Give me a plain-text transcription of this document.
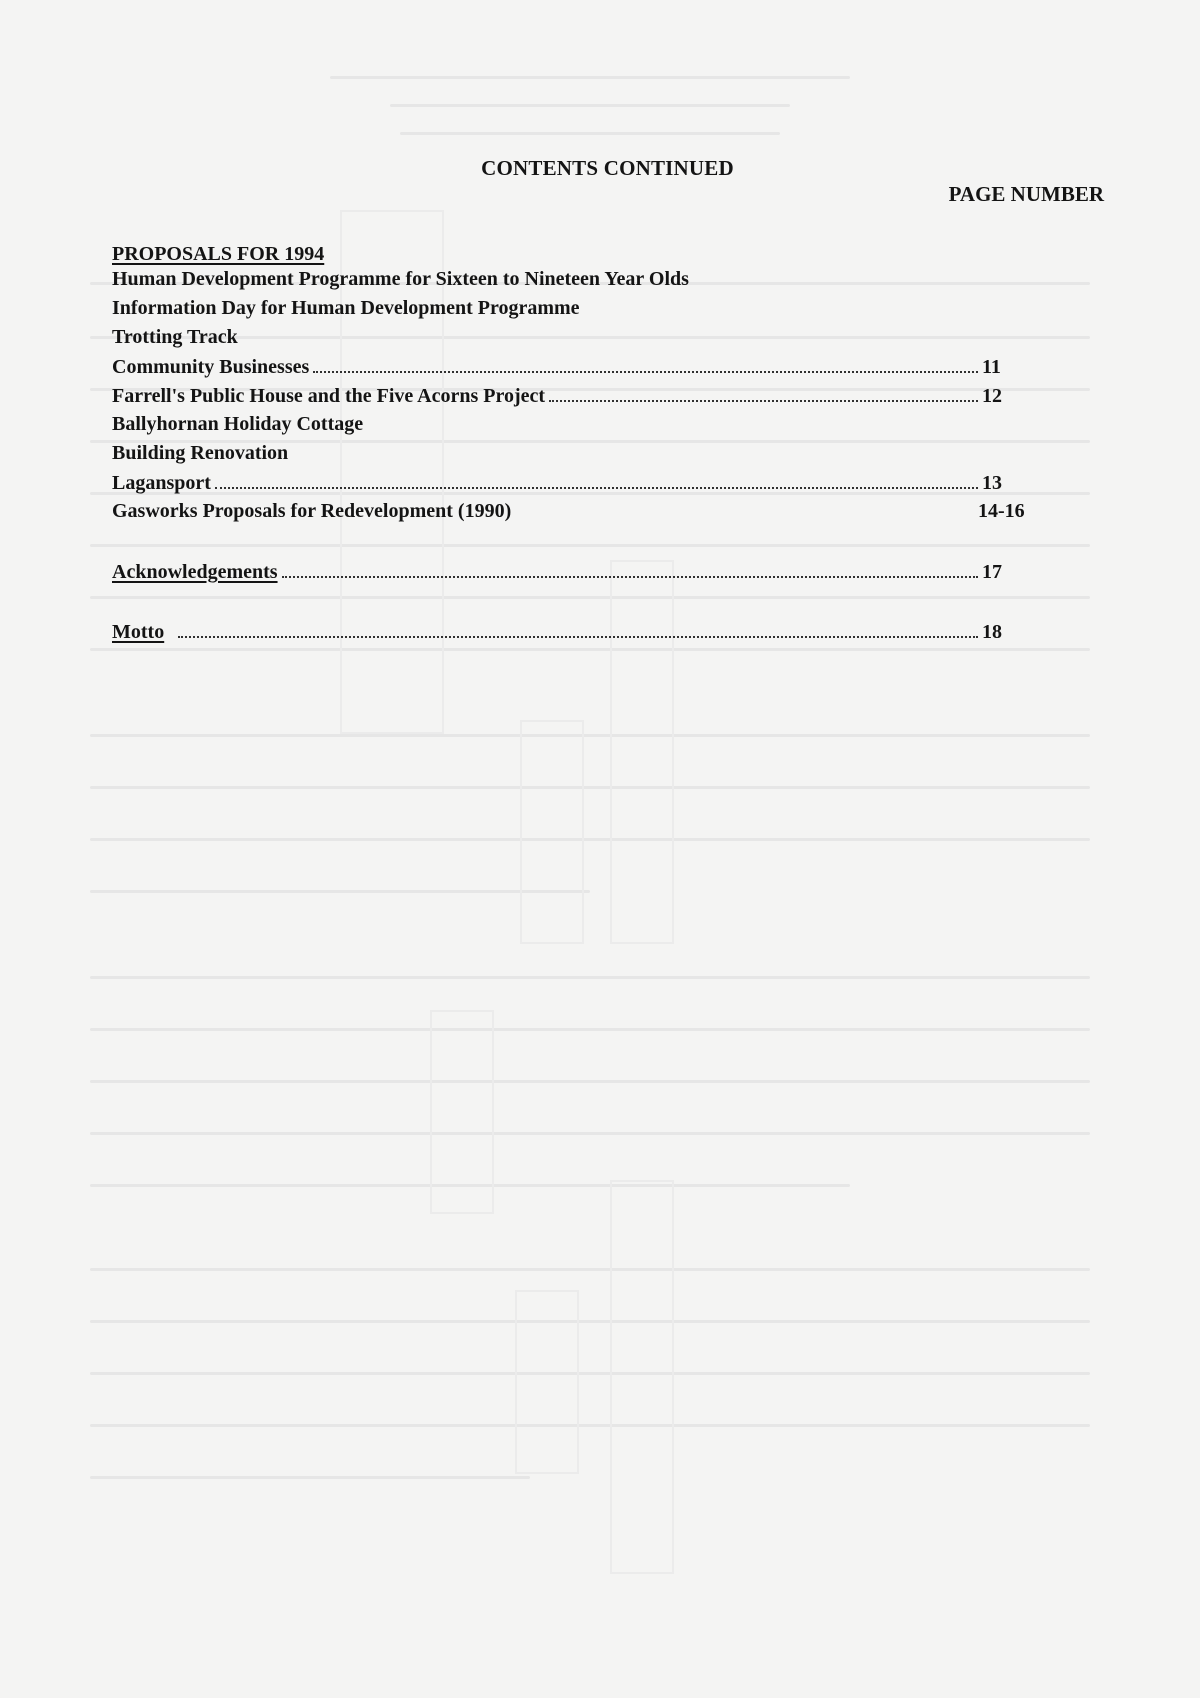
CONTENTS CONTINUED
PAGE NUMBER
PROPOSALS FOR 1994
Human Development Programme for Sixteen to Nineteen Year Olds
Information Day for Human Development Programme
Trotting Track
Community Businesses	11
Farrell's Public House and the Five Acorns Project	12
Ballyhornan Holiday Cottage
Building Renovation
Lagansport	13
Gasworks Proposals for Redevelopment (1990)	14-16
Acknowledgements	17
Motto	18
